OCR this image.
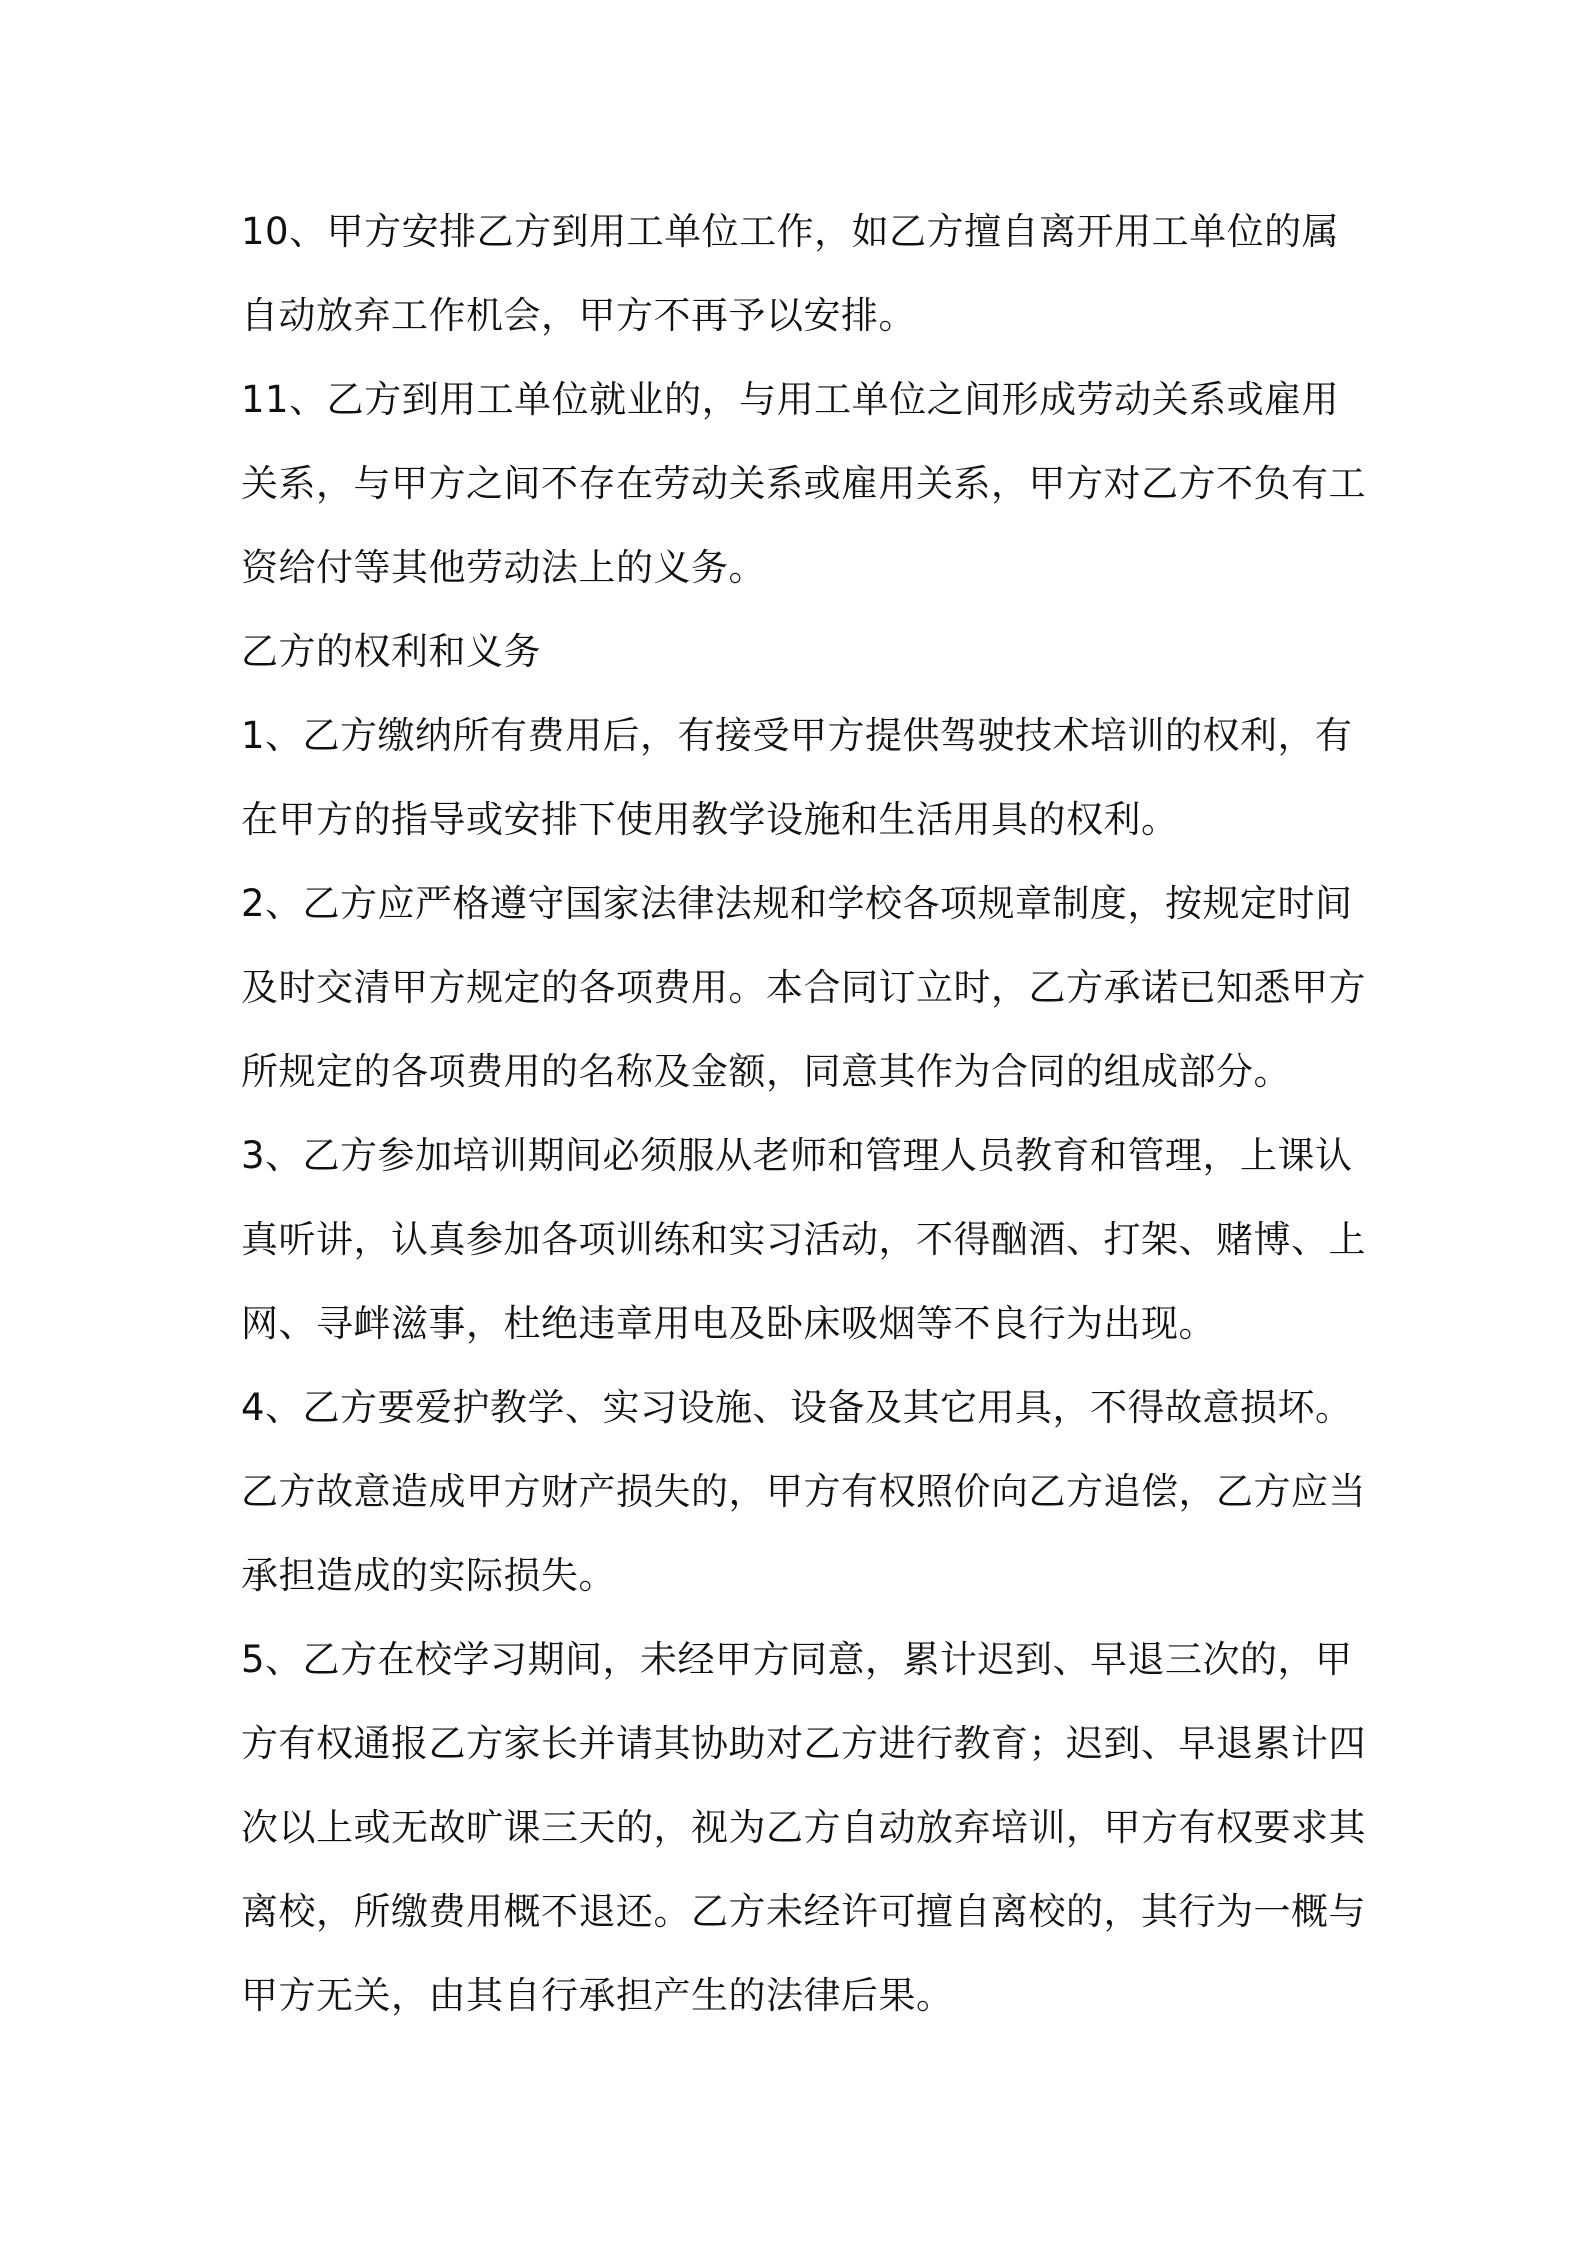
10、甲方安排乙方到用工单位工作，如乙方擅自离开用工单位的属
自动放弃工作机会，甲方不再予以安排。
11、乙方到用工单位就业的，与用工单位之间形成劳动关系或雇用
关系，与甲方之间不存在劳动关系或雇用关系，甲方对乙方不负有工
资给付等其他劳动法上的义务。
乙方的权利和义务
1、乙方缴纳所有费用后，有接受甲方提供驾驶技术培训的权利，有
在甲方的指导或安排下使用教学设施和生活用具的权利。
2、乙方应严格遵守国家法律法规和学校各项规章制度，按规定时间
及时交清甲方规定的各项费用。本合同订立时，乙方承诺已知悉甲方
所规定的各项费用的名称及金额，同意其作为合同的组成部分。
3、乙方参加培训期间必须服从老师和管理人员教育和管理，上课认
真听讲，认真参加各项训练和实习活动，不得酗酒、打架、赌博、上
网、寻衅滋事，杜绝违章用电及卧床吸烟等不良行为出现。
4、乙方要爱护教学、实习设施、设备及其它用具，不得故意损坏。
乙方故意造成甲方财产损失的，甲方有权照价向乙方追偿，乙方应当
承担造成的实际损失。
5、乙方在校学习期间，未经甲方同意，累计迟到、早退三次的，甲
方有权通报乙方家长并请其协助对乙方进行教育；迟到、早退累计四
次以上或无故旷课三天的，视为乙方自动放弃培训，甲方有权要求其
离校，所缴费用概不退还。乙方未经许可擅自离校的，其行为一概与
甲方无关，由其自行承担产生的法律后果。
